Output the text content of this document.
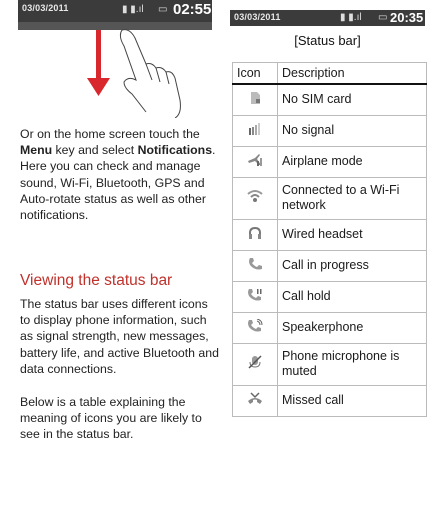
03/03/2011	▮ ▮.ıl ▭ 02:55
Or on the home screen touch the Menu key and select Notifications. Here you can check and manage sound, Wi-Fi, Bluetooth, GPS and Auto-rotate status as well as other notifications.
Viewing the status bar
The status bar uses different icons to display phone information, such as signal strength, new messages, battery life, and active Bluetooth and data connections.
Below is a table explaining the meaning of icons you are likely to see in the status bar.
03/03/2011	▮ ▮.ıl ▭ 20:35
[Status bar]
Icon	Description
	No SIM card
	No signal
	Airplane mode
	Connected to a Wi-Fi network
	Wired headset
	Call in progress
	Call hold
	Speakerphone
	Phone microphone is muted
	Missed call
